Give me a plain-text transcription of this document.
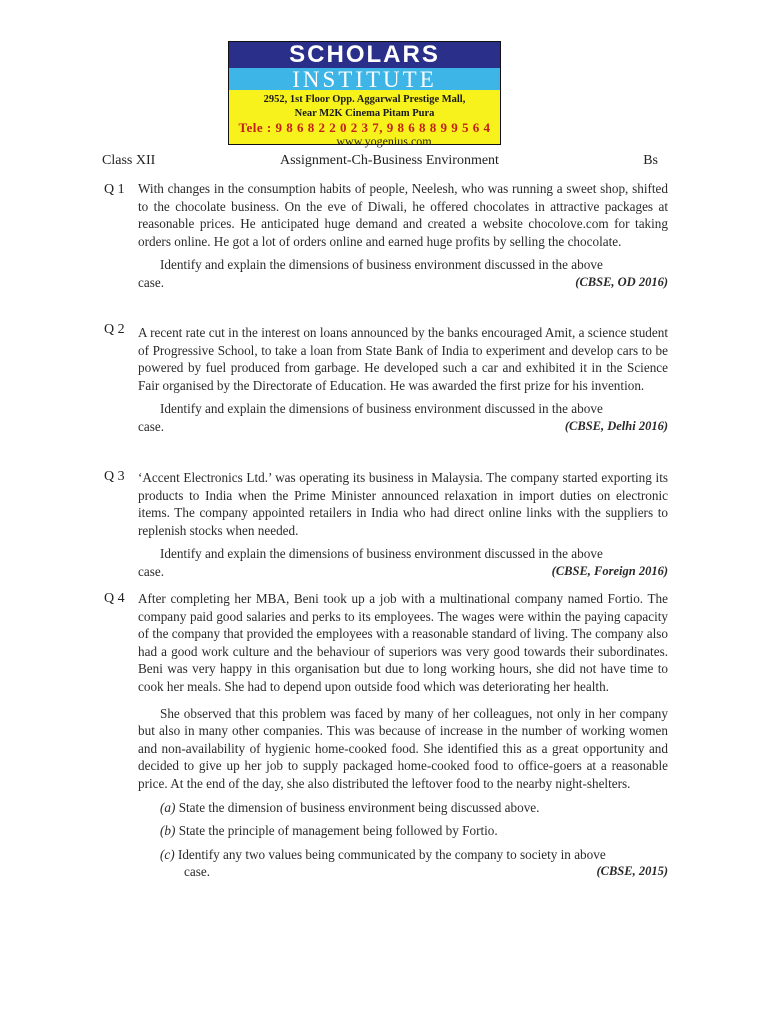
SCHOLARS
INSTITUTE
2952, 1st Floor Opp. Aggarwal Prestige Mall,
Near M2K Cinema Pitam Pura
Tele : 9 8 6 8 2 2 0 2 3 7, 9 8 6 8 8 9 9 5 6 4
www.yogenius.com
Class XII	Assignment-Ch-Business Environment	Bs
Q 1 With changes in the consumption habits of people, Neelesh, who was running a sweet shop, shifted to the chocolate business. On the eve of Diwali, he offered chocolates in attractive packages at reasonable prices. He anticipated huge demand and created a website chocolove.com for taking orders online. He got a lot of orders online and earned huge profits by selling the chocolate.

Identify and explain the dimensions of business environment discussed in the above

case.	(CBSE, OD 2016)
Q 2 A recent rate cut in the interest on loans announced by the banks encouraged Amit, a science student of Progressive School, to take a loan from State Bank of India to experiment and develop cars to be powered by fuel produced from garbage. He developed such a car and exhibited it in the Science Fair organised by the Directorate of Education. He was awarded the first prize for his invention.

Identify and explain the dimensions of business environment discussed in the above

case.	(CBSE, Delhi 2016)
Q 3 ‘Accent Electronics Ltd.’ was operating its business in Malaysia. The company started exporting its products to India when the Prime Minister announced relaxation in import duties on electronic items. The company appointed retailers in India who had direct online links with the suppliers to replenish stocks when needed.

Identify and explain the dimensions of business environment discussed in the above

case.	(CBSE, Foreign 2016)
Q 4 After completing her MBA, Beni took up a job with a multinational company named Fortio. The company paid good salaries and perks to its employees. The wages were within the paying capacity of the company that provided the employees with a reasonable standard of living. The company also had a good work culture and the behaviour of superiors was very good towards their subordinates. Beni was very happy in this organisation but due to long working hours, she did not have time to cook her meals. She had to depend upon outside food which was deteriorating her health.

She observed that this problem was faced by many of her colleagues, not only in her company but also in many other companies. This was because of increase in the number of working women and non-availability of hygienic home-cooked food. She identified this as a great opportunity and decided to give up her job to supply packaged home-cooked food to office-goers at a reasonable price. At the end of the day, she also distributed the leftover food to the nearby night-shelters.

(a) State the dimension of business environment being discussed above.

(b) State the principle of management being followed by Fortio.

(c) Identify any two values being communicated by the company to society in above

case.	(CBSE, 2015)
